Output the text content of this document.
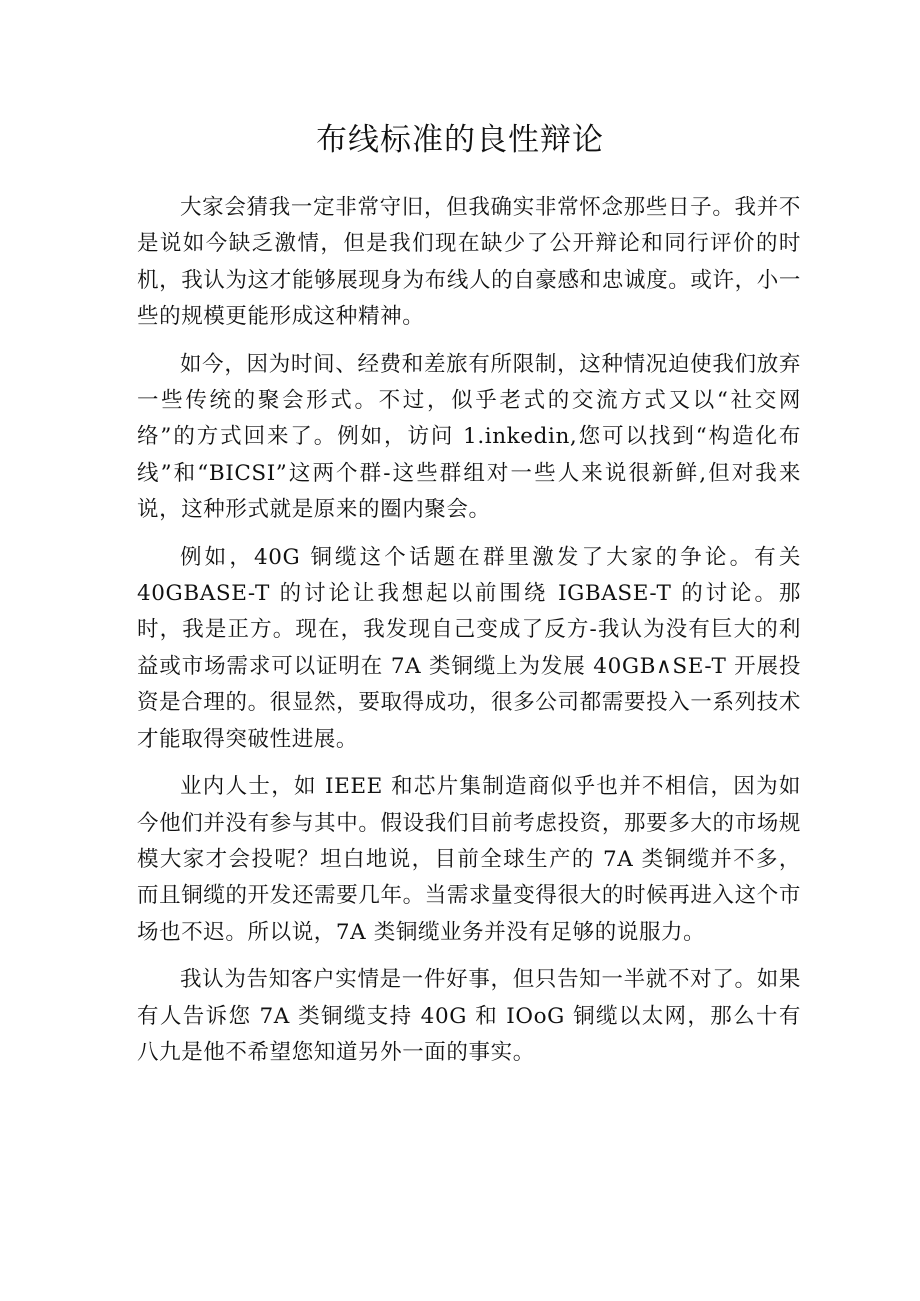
布线标准的良性辩论

大家会猜我一定非常守旧，但我确实非常怀念那些日子。我并不是说如今缺乏激情，但是我们现在缺少了公开辩论和同行评价的时机，我认为这才能够展现身为布线人的自豪感和忠诚度。或许，小一些的规模更能形成这种精神。

如今，因为时间、经费和差旅有所限制，这种情况迫使我们放弃一些传统的聚会形式。不过，似乎老式的交流方式又以“社交网络”的方式回来了。例如，访问 1.inkedin,您可以找到“构造化布线”和“BICSI”这两个群-这些群组对一些人来说很新鲜,但对我来说，这种形式就是原来的圈内聚会。

例如，40G 铜缆这个话题在群里激发了大家的争论。有关40GBASE-T 的讨论让我想起以前围绕 IGBASE-T 的讨论。那时，我是正方。现在，我发现自己变成了反方-我认为没有巨大的利益或市场需求可以证明在 7A 类铜缆上为发展 40GB∧SE-T 开展投资是合理的。很显然，要取得成功，很多公司都需要投入一系列技术才能取得突破性进展。

业内人士，如 IEEE 和芯片集制造商似乎也并不相信，因为如今他们并没有参与其中。假设我们目前考虑投资，那要多大的市场规模大家才会投呢？坦白地说，目前全球生产的 7A 类铜缆并不多，而且铜缆的开发还需要几年。当需求量变得很大的时候再进入这个市场也不迟。所以说，7A 类铜缆业务并没有足够的说服力。

我认为告知客户实情是一件好事，但只告知一半就不对了。如果有人告诉您 7A 类铜缆支持 40G 和 IOoG 铜缆以太网，那么十有八九是他不希望您知道另外一面的事实。
